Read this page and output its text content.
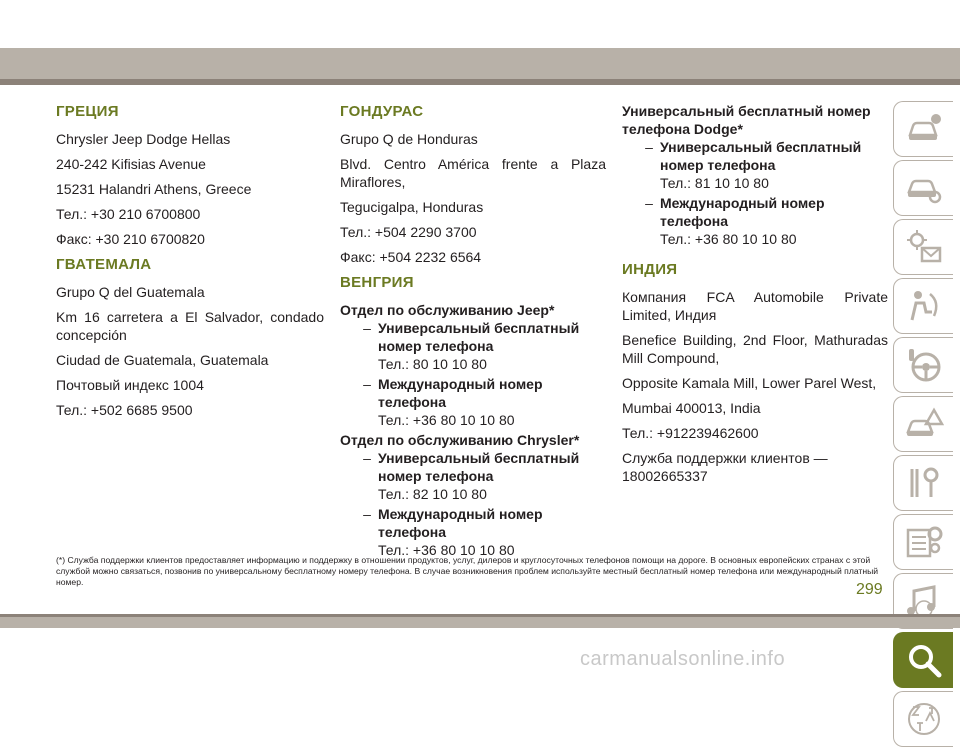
ГРЕЦИЯ

Chrysler Jeep Dodge Hellas

240-242 Kifisias Avenue

15231 Halandri Athens, Greece

Тел.: +30 210 6700800

Факс: +30 210 6700820

ГВАТЕМАЛА

Grupo Q del Guatemala

Km 16 carretera a El Salvador, condado concepción

Ciudad de Guatemala, Guatemala

Почтовый индекс 1004

Тел.: +502 6685 9500

ГОНДУРАС

Grupo Q de Honduras

Blvd. Centro América frente a Plaza Miraflores,

Tegucigalpa, Honduras

Тел.: +504 2290 3700

Факс: +504 2232 6564

ВЕНГРИЯ

Отдел по обслуживанию Jeep*

– Универсальный бесплатный номер телефона
Тел.: 80 10 10 80
– Международный номер телефона
Тел.: +36 80 10 10 80

Отдел по обслуживанию Chrysler*

– Универсальный бесплатный номер телефона
Тел.: 82 10 10 80
– Международный номер телефона
Тел.: +36 80 10 10 80

Универсальный бесплатный номер телефона Dodge*

– Универсальный бесплатный номер телефона
Тел.: 81 10 10 80
– Международный номер телефона
Тел.: +36 80 10 10 80
ИНДИЯ

Компания FCA Automobile Private Limited, Индия

Benefice Building, 2nd Floor, Mathuradas Mill Compound,

Opposite Kamala Mill, Lower Parel West,

Mumbai 400013, India

Тел.: +912239462600

Служба поддержки клиентов — 18002665337

(*) Служба поддержки клиентов предоставляет информацию и поддержку в отношении продуктов, услуг, дилеров и круглосуточных телефонов помощи на дороге. В основных европейских странах с этой службой можно связаться, позвонив по универсальному бесплатному номеру телефона. В случае возникновения проблем используйте местный бесплатный номер телефона или международный платный номер.	299
carmanualsonline.info
